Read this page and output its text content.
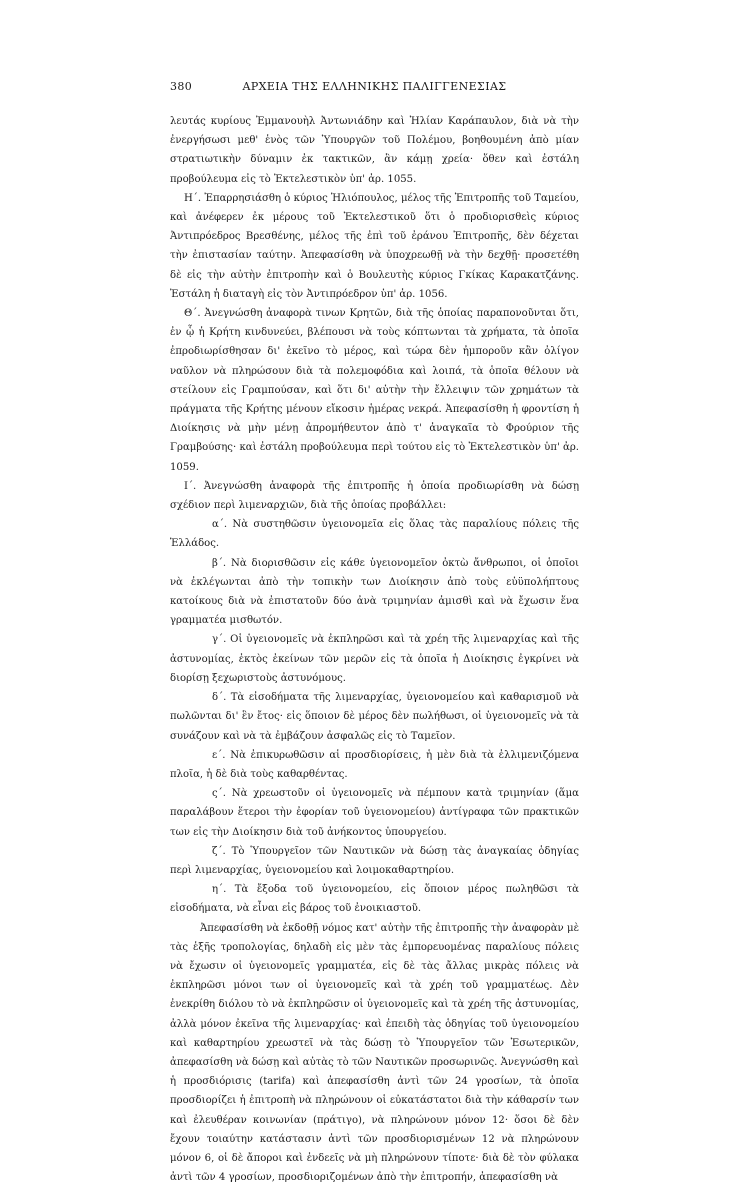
380	ΑΡΧΕΙΑ ΤΗΣ ΕΛΛΗΝΙΚΗΣ ΠΑΛΙΓΓΕΝΕΣΙΑΣ

λευτάς κυρίους Ἐμμανουὴλ Ἀντωνιάδην καὶ Ἠλίαν Καράπαυλον, διὰ νὰ τὴν ἐνεργήσωσι μεθ' ἑνὸς τῶν Ὑπουργῶν τοῦ Πολέμου, βοηθουμένη ἀπὸ μίαν στρατιωτικὴν δύναμιν ἐκ τακτικῶν, ἂν κάμῃ χρεία· ὅθεν καὶ ἐστάλη προβούλευμα εἰς τὸ Ἐκτελεστικὸν ὑπ' ἀρ. 1055.

Η΄. Ἐπαρρησιάσθη ὁ κύριος Ἡλιόπουλος, μέλος τῆς Ἐπιτροπῆς τοῦ Ταμείου, καὶ ἀνέφερεν ἐκ μέρους τοῦ Ἐκτελεστικοῦ ὅτι ὁ προδιορισθεὶς κύριος Ἀντιπρόεδρος Βρεσθένης, μέλος τῆς ἐπὶ τοῦ ἐράνου Ἐπιτροπῆς, δὲν δέχεται τὴν ἐπιστασίαν ταύτην. Ἀπεφασίσθη νὰ ὑποχρεωθῇ νὰ τὴν δεχθῇ· προσετέθη δὲ εἰς τὴν αὐτὴν ἐπιτροπὴν καὶ ὁ Βουλευτὴς κύριος Γκίκας Καρακατζάνης. Ἐστάλη ἡ διαταγὴ εἰς τὸν Ἀντιπρόεδρον ὑπ' ἀρ. 1056.

Θ΄. Ἀνεγνώσθη ἀναφορὰ τινων Κρητῶν, διὰ τῆς ὁποίας παραπονοῦνται ὅτι, ἐν ᾧ ἡ Κρήτη κινδυνεύει, βλέπουσι νὰ τοὺς κόπτωνται τὰ χρήματα, τὰ ὁποῖα ἐπροδιωρίσθησαν δι' ἐκεῖνο τὸ μέρος, καὶ τώρα δὲν ἠμποροῦν κἂν ὀλίγον ναῦλον νὰ πληρώσουν διὰ τὰ πολεμοφόδια καὶ λοιπά, τὰ ὁποῖα θέλουν νὰ στείλουν εἰς Γραμπούσαν, καὶ ὅτι δι' αὐτὴν τὴν ἔλλειψιν τῶν χρημάτων τὰ πράγματα τῆς Κρήτης μένουν εἴκοσιν ἡμέρας νεκρά. Ἀπεφασίσθη ἡ φροντίση ἡ Διοίκησις νὰ μὴν μένῃ ἀπρομήθευτον ἀπὸ τ' ἀναγκαῖα τὸ Φρούριον τῆς Γραμβούσης· καὶ ἐστάλη προβούλευμα περὶ τούτου εἰς τὸ Ἐκτελεστικὸν ὑπ' ἀρ. 1059.

Ι΄. Ἀνεγνώσθη ἀναφορὰ τῆς ἐπιτροπῆς ἡ ὁποία προδιωρίσθη νὰ δώσῃ σχέδιον περὶ λιμεναρχιῶν, διὰ τῆς ὁποίας προβάλλει:

α΄. Νὰ συστηθῶσιν ὑγειονομεῖα εἰς ὅλας τὰς παραλίους πόλεις τῆς Ἑλλάδος.

β΄. Νὰ διορισθῶσιν εἰς κάθε ὑγειονομεῖον ὀκτὼ ἄνθρωποι, οἱ ὁποῖοι νὰ ἐκλέγωνται ἀπὸ τὴν τοπικὴν των Διοίκησιν ἀπὸ τοὺς εὐϋπολήπτους κατοίκους διὰ νὰ ἐπιστατοῦν δύο ἀνὰ τριμηνίαν ἀμισθὶ καὶ νὰ ἔχωσιν ἕνα γραμματέα μισθωτόν.

γ΄. Οἱ ὑγειονομεῖς νὰ ἐκπληρῶσι καὶ τὰ χρέη τῆς λιμεναρχίας καὶ τῆς ἀστυνομίας, ἐκτὸς ἐκείνων τῶν μερῶν εἰς τὰ ὁποῖα ἡ Διοίκησις ἐγκρίνει νὰ διορίσῃ ξεχωριστοὺς ἀστυνόμους.

δ΄. Τὰ εἰσοδήματα τῆς λιμεναρχίας, ὑγειονομείου καὶ καθαρισμοῦ νὰ πωλῶνται δι' ἓν ἔτος· εἰς ὅποιον δὲ μέρος δὲν πωλήθωσι, οἱ ὑγειονομεῖς νὰ τὰ συνάζουν καὶ νὰ τὰ ἐμβάζουν ἀσφαλῶς εἰς τὸ Ταμεῖον.

ε΄. Νὰ ἐπικυρωθῶσιν αἱ προσδιορίσεις, ἡ μὲν διὰ τὰ ἐλλιμενιζόμενα πλοῖα, ἡ δὲ διὰ τοὺς καθαρθέντας.

ς΄. Νὰ χρεωστοῦν οἱ ὑγειονομεῖς νὰ πέμπουν κατὰ τριμηνίαν (ἅμα παραλάβουν ἕτεροι τὴν ἐφορίαν τοῦ ὑγειονομείου) ἀντίγραφα τῶν πρακτικῶν των εἰς τὴν Διοίκησιν διὰ τοῦ ἀνήκοντος ὑπουργείου.

ζ΄. Τὸ Ὑπουργεῖον τῶν Ναυτικῶν νὰ δώσῃ τὰς ἀναγκαίας ὁδηγίας περὶ λιμεναρχίας, ὑγειονομείου καὶ λοιμοκαθαρτηρίου.

η΄. Τὰ ἔξοδα τοῦ ὑγειονομείου, εἰς ὅποιον μέρος πωληθῶσι τὰ εἰσοδήματα, νὰ εἶναι εἰς βάρος τοῦ ἐνοικιαστοῦ.

Ἀπεφασίσθη νὰ ἐκδοθῇ νόμος κατ' αὐτὴν τῆς ἐπιτροπῆς τὴν ἀναφορὰν μὲ τὰς ἑξῆς τροπολογίας, δηλαδὴ εἰς μὲν τὰς ἐμπορευομένας παραλίους πόλεις νὰ ἔχωσιν οἱ ὑγειονομεῖς γραμματέα, εἰς δὲ τὰς ἄλλας μικρὰς πόλεις νὰ ἐκπληρῶσι μόνοι των οἱ ὑγειονομεῖς καὶ τὰ χρέη τοῦ γραμματέως. Δὲν ἐνεκρίθη διόλου τὸ νὰ ἐκπληρῶσιν οἱ ὑγειονομεῖς καὶ τὰ χρέη τῆς ἀστυνομίας, ἀλλὰ μόνον ἐκεῖνα τῆς λιμεναρχίας· καὶ ἐπειδὴ τὰς ὁδηγίας τοῦ ὑγειονομείου καὶ καθαρτηρίου χρεωστεῖ νὰ τὰς δώσῃ τὸ Ὑπουργεῖον τῶν Ἐσωτερικῶν, ἀπεφασίσθη νὰ δώσῃ καὶ αὐτὰς τὸ τῶν Ναυτικῶν προσωρινῶς. Ἀνεγνώσθη καὶ ἡ προσδιόρισις (tarifa) καὶ ἀπεφασίσθη ἀντὶ τῶν 24 γροσίων, τὰ ὁποῖα προσδιορίζει ἡ ἐπιτροπὴ νὰ πληρώνουν οἱ εὐκατάστατοι διὰ τὴν κάθαρσίν των καὶ ἐλευθέραν κοινωνίαν (πράτιγο), νὰ πληρώνουν μόνον 12· ὅσοι δὲ δὲν ἔχουν τοιαύτην κατάστασιν ἀντὶ τῶν προσδιορισμένων 12 νὰ πληρώνουν μόνον 6, οἱ δὲ ἄποροι καὶ ἐνδεεῖς νὰ μὴ πληρώνουν τίποτε· διὰ δὲ τὸν φύλακα ἀντὶ τῶν 4 γροσίων, προσδιοριζομένων ἀπὸ τὴν ἐπιτροπήν, ἀπεφασίσθη νὰ
